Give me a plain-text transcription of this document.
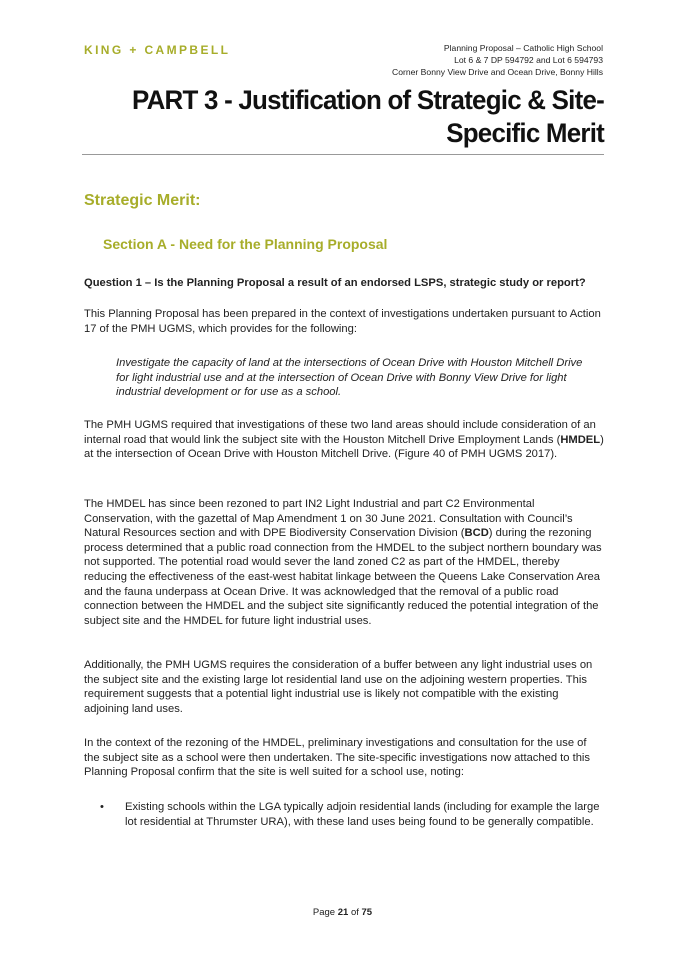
KING + CAMPBELL	Planning Proposal – Catholic High School
Lot 6 & 7 DP 594792 and Lot 6 594793
Corner Bonny View Drive and Ocean Drive, Bonny Hills
PART 3 - Justification of Strategic & Site-
Specific Merit
Strategic Merit:
Section A - Need for the Planning Proposal
Question 1 – Is the Planning Proposal a result of an endorsed LSPS, strategic study or report?

This Planning Proposal has been prepared in the context of investigations undertaken pursuant to Action 17 of the PMH UGMS, which provides for the following:

Investigate the capacity of land at the intersections of Ocean Drive with Houston Mitchell Drive for light industrial use and at the intersection of Ocean Drive with Bonny View Drive for light industrial development or for use as a school.

The PMH UGMS required that investigations of these two land areas should include consideration of an internal road that would link the subject site with the Houston Mitchell Drive Employment Lands (HMDEL) at the intersection of Ocean Drive with Houston Mitchell Drive. (Figure 40 of PMH UGMS 2017).

The HMDEL has since been rezoned to part IN2 Light Industrial and part C2 Environmental Conservation, with the gazettal of Map Amendment 1 on 30 June 2021. Consultation with Council’s Natural Resources section and with DPE Biodiversity Conservation Division (BCD) during the rezoning process determined that a public road connection from the HMDEL to the subject northern boundary was not supported. The potential road would sever the land zoned C2 as part of the HMDEL, thereby reducing the effectiveness of the east-west habitat linkage between the Queens Lake Conservation Area and the fauna underpass at Ocean Drive. It was acknowledged that the removal of a public road connection between the HMDEL and the subject site significantly reduced the potential integration of the subject site and the HMDEL for future light industrial uses.

Additionally, the PMH UGMS requires the consideration of a buffer between any light industrial uses on the subject site and the existing large lot residential land use on the adjoining western properties. This requirement suggests that a potential light industrial use is likely not compatible with the existing adjoining land uses.

In the context of the rezoning of the HMDEL, preliminary investigations and consultation for the use of the subject site as a school were then undertaken. The site-specific investigations now attached to this Planning Proposal confirm that the site is well suited for a school use, noting:

• Existing schools within the LGA typically adjoin residential lands (including for example the large lot residential at Thrumster URA), with these land uses being found to be generally compatible.
Page 21 of 75
